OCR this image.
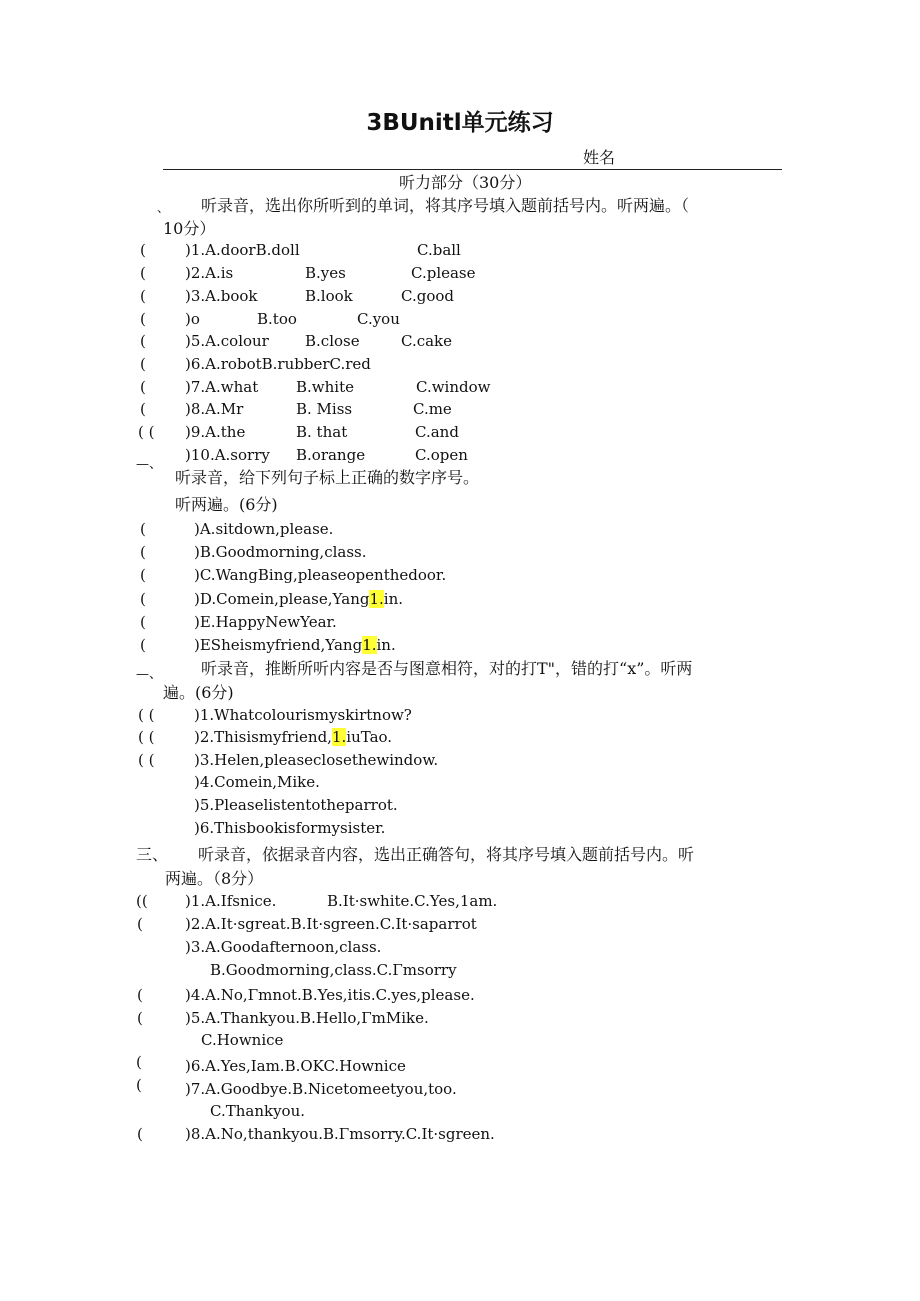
3BUnitl单元练习
姓名
听力部分（30分）
、 听录音，选出你所听到的单词，将其序号填入题前括号内。听两遍。（
10分）
(	)1.A.doorB.doll	C.ball
(	)2.A.is	B.yes	C.please
(	)3.A.book	B.look	C.good
(	)o	B.too	C.you
(	)5.A.colour B.close	C.cake
(	)6.A.robotB.rubberC.red
(	)7.A.what	B.white	C.window
(	)8.A.Mr	B. Miss	C.me
( ( )9.A.the	B. that	C.and
)10.A.sorry B.orange	C.open
—、
听录音，给下列句子标上正确的数字序号。
听两遍。(6分)
(	)A.sitdown,please.
(	)B.Goodmorning,class.
(	)C.WangBing,pleaseopenthedoor.
(	)D.Comein,please,Yang1.in.
(	)E.HappyNewYear.
(	)ESheismyfriend,Yang1.in.
—、 听录音，推断所听内容是否与图意相符，对的打T"，错的打“x”。听两
遍。(6分)
( (	)1.Whatcolourismyskirtnow?
( (	)2.Thisismyfriend,1.iuTao.
( (	)3.Helen,pleaseclosethewindow.
)4.Comein,Mike.
)5.Pleaselistentotheparrot.
)6.Thisbookisformysister.
三、 听录音，依据录音内容，选出正确答句，将其序号填入题前括号内。听
两遍。（8分）
(( )1.A.Ifsnice.	B.It·swhite.C.Yes,1am.
(	)2.A.It·sgreat.B.It·sgreen.C.It·saparrot
)3.A.Goodafternoon,class.
B.Goodmorning,class.C.Γmsorry
(	)4.A.No,Γmnot.B.Yes,itis.C.yes,please.
(	)5.A.Thankyou.B.Hello,ΓmMike.
C.Hownice
(	)6.A.Yes,Iam.B.OKC.Hownice
(	)7.A.Goodbye.B.Nicetomeetyou,too.
C.Thankyou.
(	)8.A.No,thankyou.B.Γmsorry.C.It·sgreen.
